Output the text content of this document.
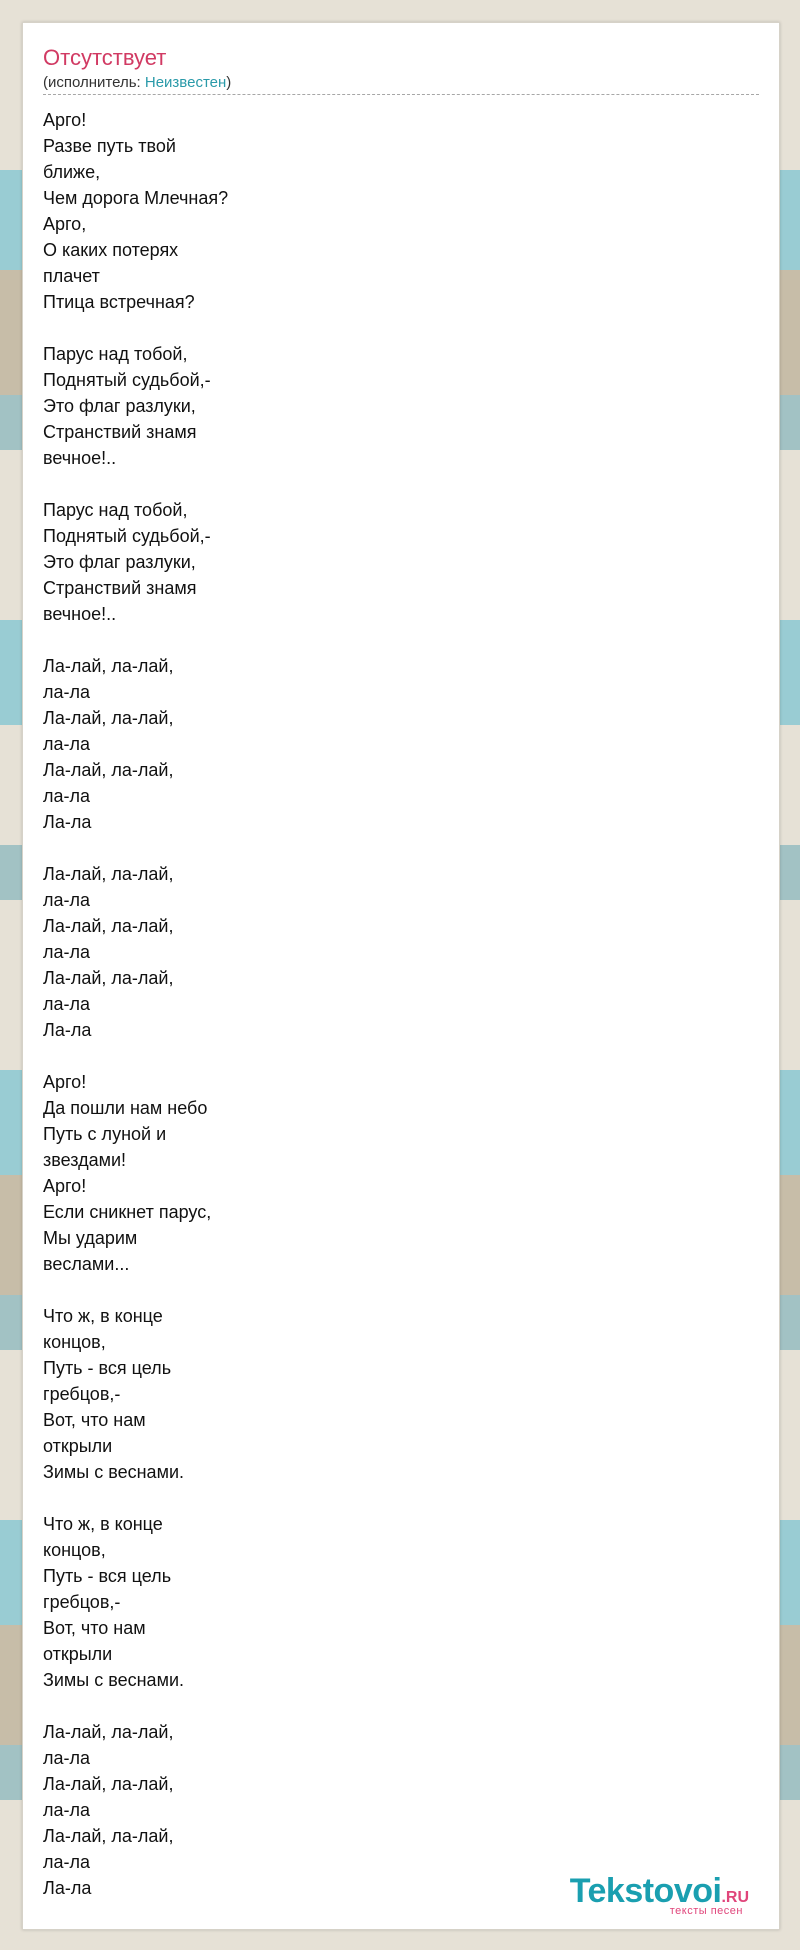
Отсутствует
(исполнитель: Неизвестен)
Арго!
Разве путь твой
ближе,
Чем дорога Млечная?
Арго,
О каких потерях
плачет
Птица встречная?
Парус над тобой,
Поднятый судьбой,-
Это флаг разлуки,
Странствий знамя
вечное!..
Парус над тобой,
Поднятый судьбой,-
Это флаг разлуки,
Странствий знамя
вечное!..
Ла-лай, ла-лай,
ла-ла
Ла-лай, ла-лай,
ла-ла
Ла-лай, ла-лай,
ла-ла
Ла-ла
Ла-лай, ла-лай,
ла-ла
Ла-лай, ла-лай,
ла-ла
Ла-лай, ла-лай,
ла-ла
Ла-ла
Арго!
Да пошли нам небо
Путь с луной и
звездами!
Арго!
Если сникнет парус,
Мы ударим
веслами...
Что ж, в конце
концов,
Путь - вся цель
гребцов,-
Вот, что нам
открыли
Зимы с веснами.
Что ж, в конце
концов,
Путь - вся цель
гребцов,-
Вот, что нам
открыли
Зимы с веснами.
Ла-лай, ла-лай,
ла-ла
Ла-лай, ла-лай,
ла-ла
Ла-лай, ла-лай,
ла-ла
Ла-ла	Tekstovoi.RU
тексты песен
